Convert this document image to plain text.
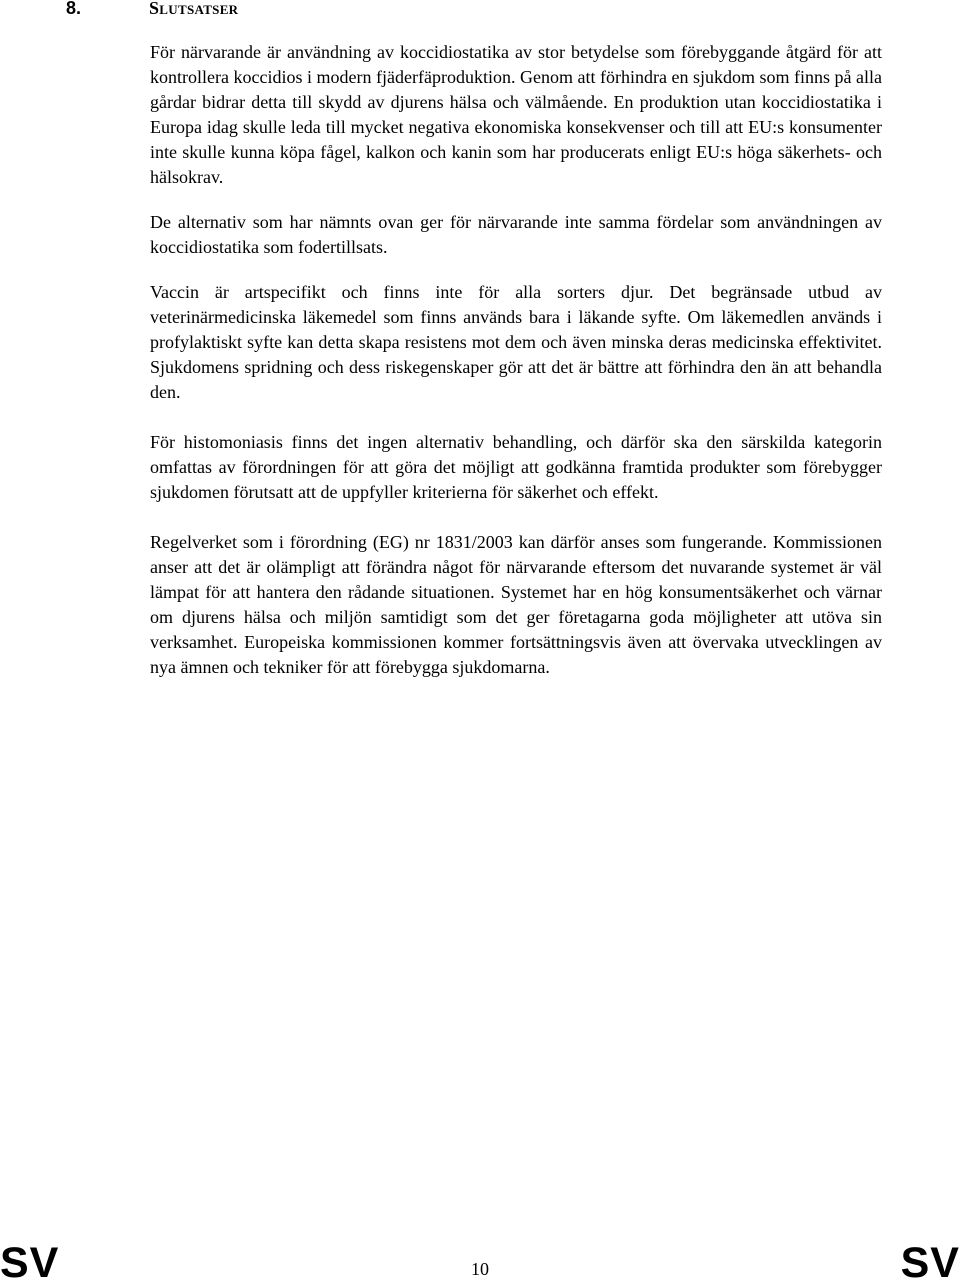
8.	Slutsatser

För närvarande är användning av koccidiostatika av stor betydelse som förebyggande åtgärd för att kontrollera koccidios i modern fjäderfäproduktion. Genom att förhindra en sjukdom som finns på alla gårdar bidrar detta till skydd av djurens hälsa och välmående. En produktion utan koccidiostatika i Europa idag skulle leda till mycket negativa ekonomiska konsekvenser och till att EU:s konsumenter inte skulle kunna köpa fågel, kalkon och kanin som har producerats enligt EU:s höga säkerhets- och hälsokrav.

De alternativ som har nämnts ovan ger för närvarande inte samma fördelar som användningen av koccidiostatika som fodertillsats.

Vaccin är artspecifikt och finns inte för alla sorters djur. Det begränsade utbud av veterinärmedicinska läkemedel som finns används bara i läkande syfte. Om läkemedlen används i profylaktiskt syfte kan detta skapa resistens mot dem och även minska deras medicinska effektivitet. Sjukdomens spridning och dess riskegenskaper gör att det är bättre att förhindra den än att behandla den.

För histomoniasis finns det ingen alternativ behandling, och därför ska den särskilda kategorin omfattas av förordningen för att göra det möjligt att godkänna framtida produkter som förebygger sjukdomen förutsatt att de uppfyller kriterierna för säkerhet och effekt.

Regelverket som i förordning (EG) nr 1831/2003 kan därför anses som fungerande. Kommissionen anser att det är olämpligt att förändra något för närvarande eftersom det nuvarande systemet är väl lämpat för att hantera den rådande situationen. Systemet har en hög konsumentsäkerhet och värnar om djurens hälsa och miljön samtidigt som det ger företagarna goda möjligheter att utöva sin verksamhet. Europeiska kommissionen kommer fortsättningsvis även att övervaka utvecklingen av nya ämnen och tekniker för att förebygga sjukdomarna.

SV	10	SV
